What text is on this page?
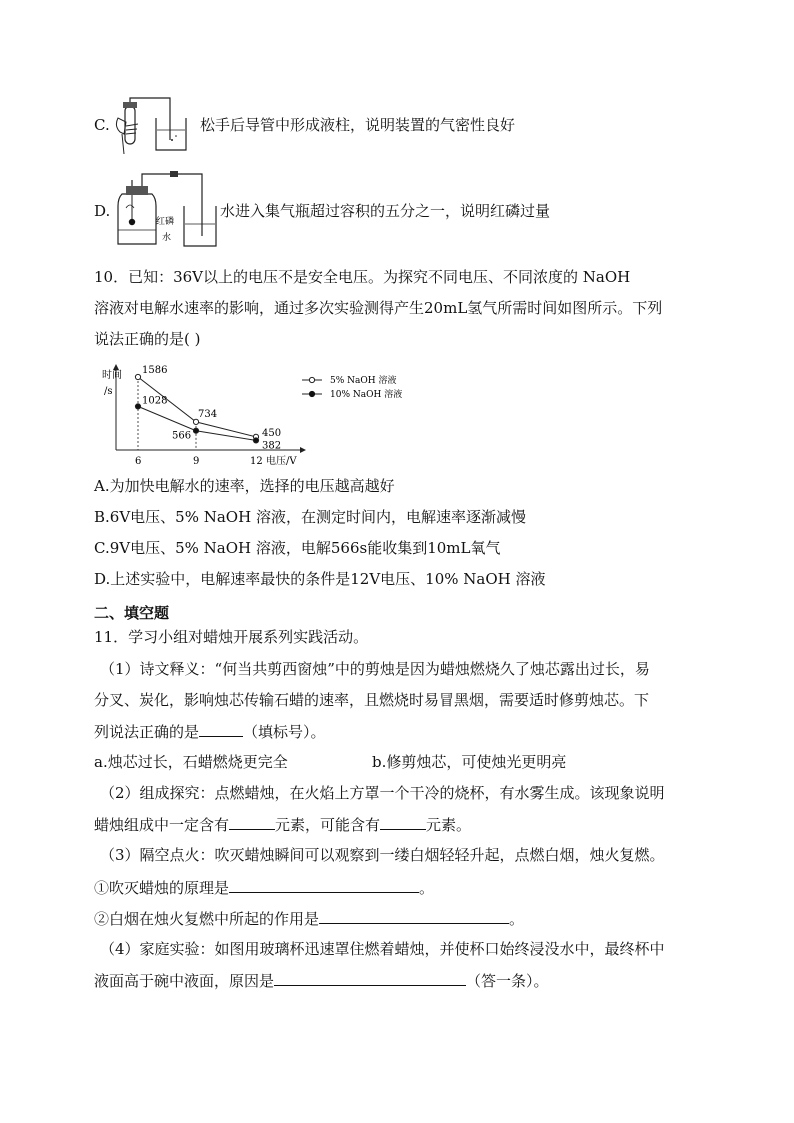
C.	松手后导管中形成液柱，说明装置的气密性良好
D.
红磷
水
水进入集气瓶超过容积的五分之一，说明红磷过量
10．已知：36V以上的电压不是安全电压。为探究不同电压、不同浓度的 NaOH
溶液对电解水速率的影响，通过多次实验测得产生20mL氢气所需时间如图所示。下列
说法正确的是( )
时间
/s
电压/V
6	9	12
1586
734
450
1028
566
382
5% NaOH 溶液
10% NaOH 溶液
A.为加快电解水的速率，选择的电压越高越好
B.6V电压、5% NaOH 溶液，在测定时间内，电解速率逐渐减慢
C.9V电压、5% NaOH 溶液，电解566s能收集到10mL氧气
D.上述实验中，电解速率最快的条件是12V电压、10% NaOH 溶液
二、填空题
11．学习小组对蜡烛开展系列实践活动。
（1）诗文释义：“何当共剪西窗烛”中的剪烛是因为蜡烛燃烧久了烛芯露出过长，易
分叉、炭化，影响烛芯传输石蜡的速率，且燃烧时易冒黑烟，需要适时修剪烛芯。下
列说法正确的是	（填标号）。
a.烛芯过长，石蜡燃烧更完全	b.修剪烛芯，可使烛光更明亮
（2）组成探究：点燃蜡烛，在火焰上方罩一个干冷的烧杯，有水雾生成。该现象说明
蜡烛组成中一定含有	元素，可能含有	元素。
（3）隔空点火：吹灭蜡烛瞬间可以观察到一缕白烟轻轻升起，点燃白烟，烛火复燃。
①吹灭蜡烛的原理是	。
②白烟在烛火复燃中所起的作用是	。
（4）家庭实验：如图用玻璃杯迅速罩住燃着蜡烛，并使杯口始终浸没水中，最终杯中
液面高于碗中液面，原因是	（答一条）。
